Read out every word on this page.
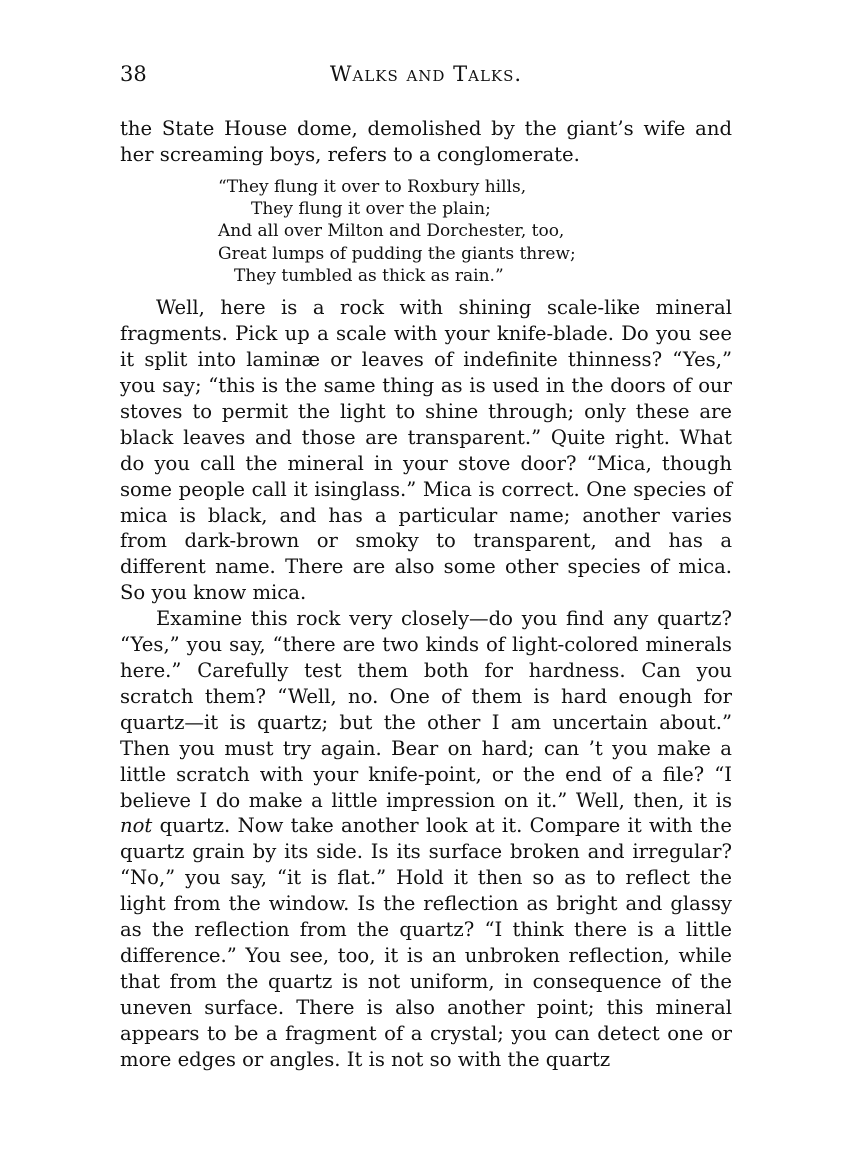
38	Walks and Talks.

the State House dome, demolished by the giant’s wife and her screaming boys, refers to a conglomerate.

“They flung it over to Roxbury hills,
They flung it over the plain;
And all over Milton and Dorchester, too,
Great lumps of pudding the giants threw;
They tumbled as thick as rain.”

Well, here is a rock with shining scale-like mineral fragments. Pick up a scale with your knife-blade. Do you see it split into laminæ or leaves of indefinite thinness? “Yes,” you say; “this is the same thing as is used in the doors of our stoves to permit the light to shine through; only these are black leaves and those are transparent.” Quite right. What do you call the mineral in your stove door? “Mica, though some people call it isinglass.” Mica is correct. One species of mica is black, and has a particular name; another varies from dark-brown or smoky to transparent, and has a different name. There are also some other species of mica. So you know mica.

Examine this rock very closely—do you find any quartz? “Yes,” you say, “there are two kinds of light-colored minerals here.” Carefully test them both for hardness. Can you scratch them? “Well, no. One of them is hard enough for quartz—it is quartz; but the other I am uncertain about.” Then you must try again. Bear on hard; can ’t you make a little scratch with your knife-point, or the end of a file? “I believe I do make a little impression on it.” Well, then, it is not quartz. Now take another look at it. Compare it with the quartz grain by its side. Is its surface broken and irregular? “No,” you say, “it is flat.” Hold it then so as to reflect the light from the window. Is the reflection as bright and glassy as the reflection from the quartz? “I think there is a little difference.” You see, too, it is an unbroken reflection, while that from the quartz is not uniform, in consequence of the uneven surface. There is also another point; this mineral appears to be a fragment of a crystal; you can detect one or more edges or angles. It is not so with the quartz
